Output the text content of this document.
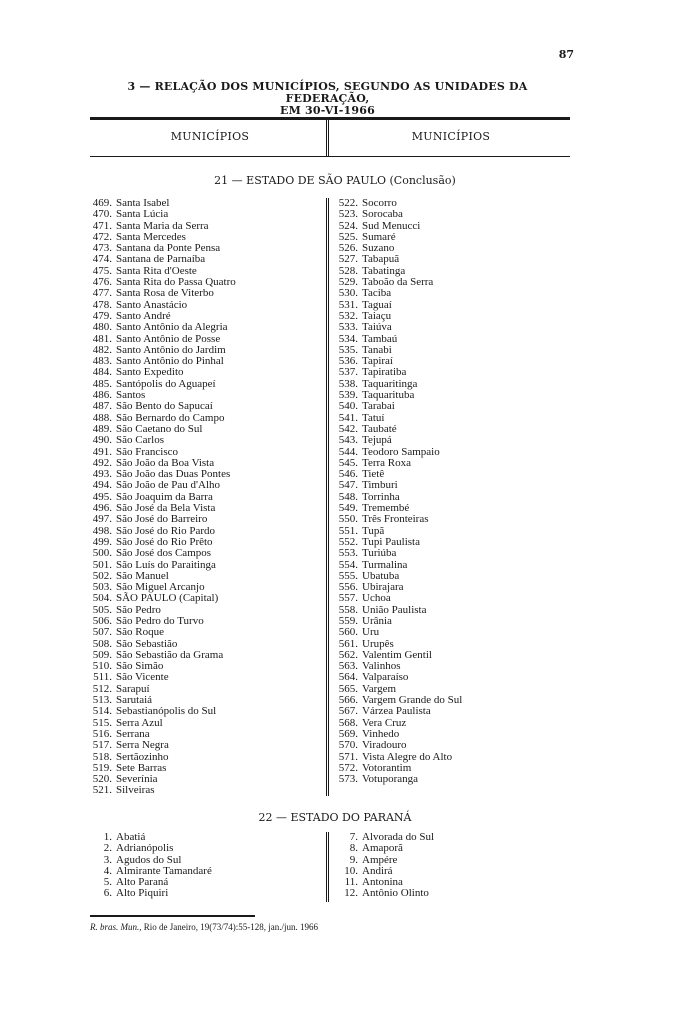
87
3 — RELAÇÃO DOS MUNICÍPIOS, SEGUNDO AS UNIDADES DA FEDERAÇÃO,
EM 30-VI-1966
MUNICÍPIOS	MUNICÍPIOS
21 — ESTADO DE SÃO PAULO (Conclusão)
469. Santa Isabel
470. Santa Lúcia
471. Santa Maria da Serra
472. Santa Mercedes
473. Santana da Ponte Pensa
474. Santana de Parnaíba
475. Santa Rita d'Oeste
476. Santa Rita do Passa Quatro
477. Santa Rosa de Viterbo
478. Santo Anastácio
479. Santo André
480. Santo Antônio da Alegria
481. Santo Antônio de Posse
482. Santo Antônio do Jardim
483. Santo Antônio do Pinhal
484. Santo Expedito
485. Santópolis do Aguapeí
486. Santos
487. São Bento do Sapucaí
488. São Bernardo do Campo
489. São Caetano do Sul
490. São Carlos
491. São Francisco
492. São João da Boa Vista
493. São João das Duas Pontes
494. São João de Pau d'Alho
495. São Joaquim da Barra
496. São José da Bela Vista
497. São José do Barreiro
498. São José do Rio Pardo
499. São José do Rio Prêto
500. São José dos Campos
501. São Luís do Paraitinga
502. São Manuel
503. São Miguel Arcanjo
504. SÃO PAULO (Capital)
505. São Pedro
506. São Pedro do Turvo
507. São Roque
508. São Sebastião
509. São Sebastião da Grama
510. São Simão
511. São Vicente
512. Sarapuí
513. Sarutaiá
514. Sebastianópolis do Sul
515. Serra Azul
516. Serrana
517. Serra Negra
518. Sertãozinho
519. Sete Barras
520. Severínia
521. Silveiras
522. Socorro
523. Sorocaba
524. Sud Menucci
525. Sumaré
526. Suzano
527. Tabapuã
528. Tabatinga
529. Taboão da Serra
530. Taciba
531. Taguaí
532. Taiaçu
533. Taiúva
534. Tambaú
535. Tanabi
536. Tapiraí
537. Tapiratiba
538. Taquaritinga
539. Taquarituba
540. Tarabai
541. Tatuí
542. Taubaté
543. Tejupá
544. Teodoro Sampaio
545. Terra Roxa
546. Tietê
547. Timburi
548. Torrinha
549. Tremembé
550. Três Fronteiras
551. Tupã
552. Tupi Paulista
553. Turiúba
554. Turmalina
555. Ubatuba
556. Ubirajara
557. Uchoa
558. União Paulista
559. Urânia
560. Uru
561. Urupês
562. Valentim Gentil
563. Valinhos
564. Valparaíso
565. Vargem
566. Vargem Grande do Sul
567. Várzea Paulista
568. Vera Cruz
569. Vinhedo
570. Viradouro
571. Vista Alegre do Alto
572. Votorantim
573. Votuporanga
22 — ESTADO DO PARANÁ
1. Abatiá
2. Adrianópolis
3. Agudos do Sul
4. Almirante Tamandaré
5. Alto Paraná
6. Alto Piquiri
7. Alvorada do Sul
8. Amaporã
9. Ampére
10. Andirá
11. Antonina
12. Antônio Olinto
R. bras. Mun., Rio de Janeiro, 19(73/74):55-128, jan./jun. 1966
